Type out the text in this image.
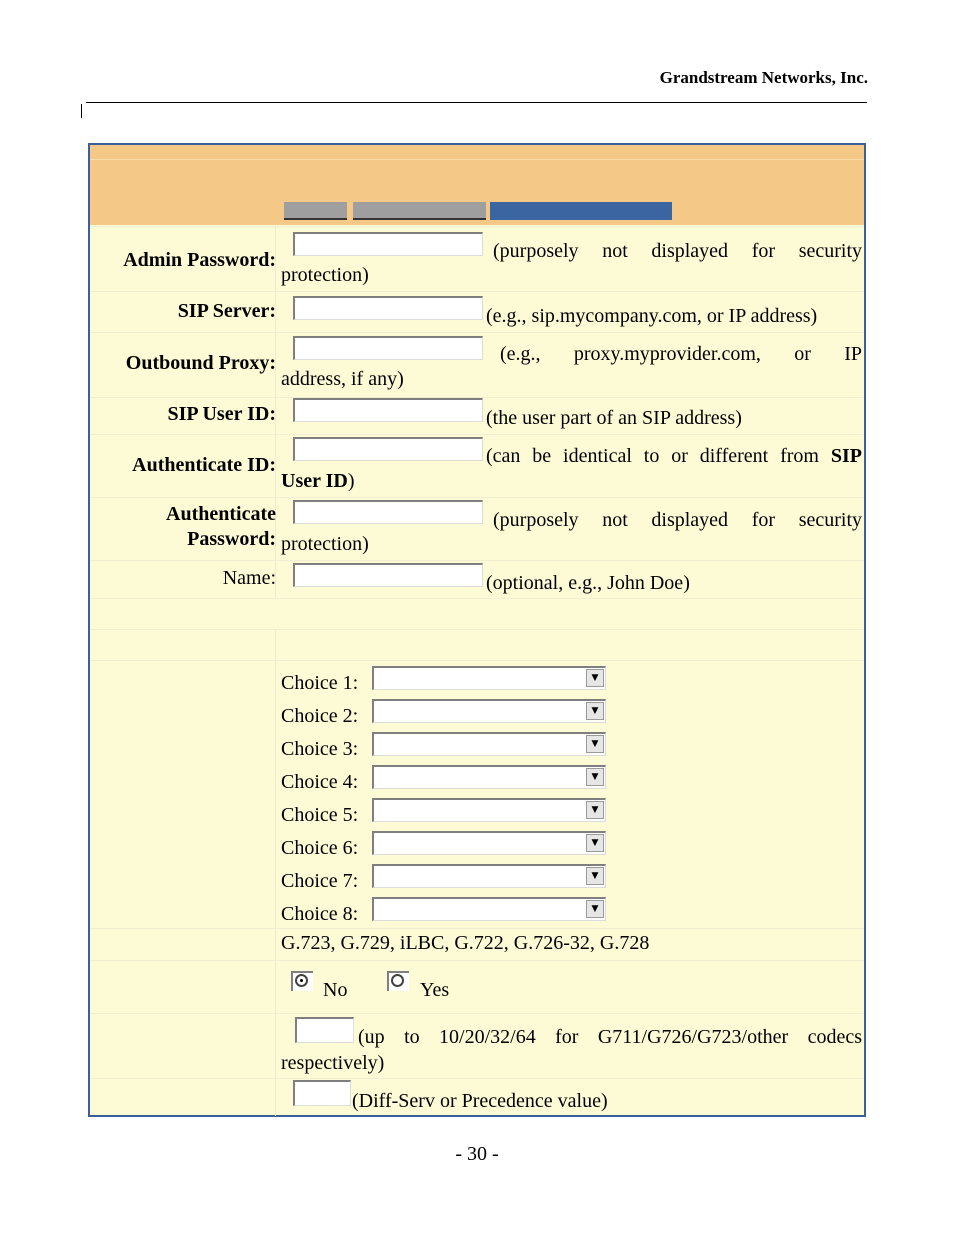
Grandstream Networks, Inc.
Admin Password:	(purposely not displayed for security
protection)
SIP Server:	(e.g., sip.mycompany.com, or IP address)
Outbound Proxy:	(e.g., proxy.myprovider.com, or IP
address, if any)
SIP User ID:	(the user part of an SIP address)
Authenticate ID:	(can be identical to or different from SIP
User ID)
Authenticate
Password:
(purposely not displayed for security
protection)
Name:	(optional, e.g., John Doe)
Choice 1:	▼
Choice 2:	▼
Choice 3:	▼
Choice 4:	▼
Choice 5:	▼
Choice 6:	▼
Choice 7:	▼
Choice 8:	▼
G.723, G.729, iLBC, G.722, G.726-32, G.728
No	Yes
(up to 10/20/32/64 for G711/G726/G723/other codecs
respectively)
(Diff-Serv or Precedence value)
- 30 -
